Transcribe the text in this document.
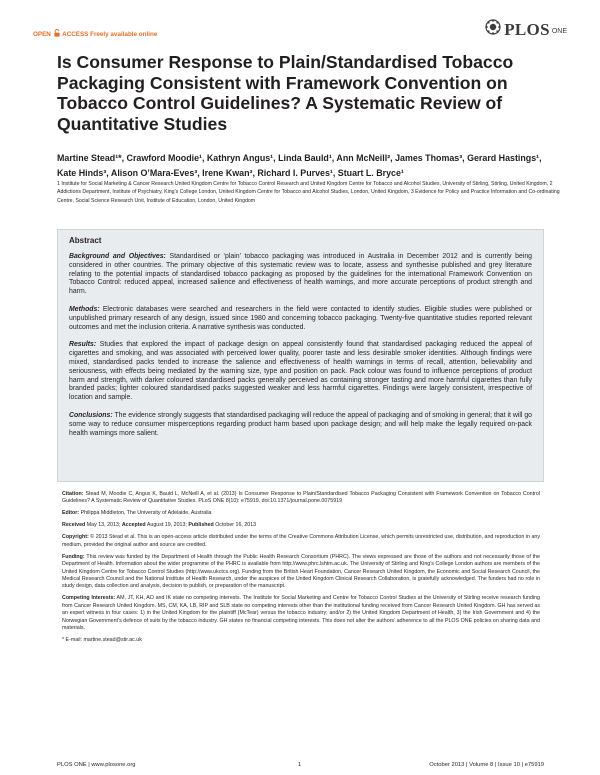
OPEN ACCESS Freely available online	PLOS ONE
Is Consumer Response to Plain/Standardised Tobacco Packaging Consistent with Framework Convention on Tobacco Control Guidelines? A Systematic Review of Quantitative Studies
Martine Stead¹*, Crawford Moodie¹, Kathryn Angus¹, Linda Bauld¹, Ann McNeill², James Thomas³, Gerard Hastings¹, Kate Hinds³, Alison O’Mara-Eves³, Irene Kwan³, Richard I. Purves¹, Stuart L. Bryce¹
1 Institute for Social Marketing & Cancer Research United Kingdom Centre for Tobacco Control Research and United Kingdom Centre for Tobacco and Alcohol Studies, University of Stirling, Stirling, United Kingdom, 2 Addictions Department, Institute of Psychiatry, King’s College London, United Kingdom Centre for Tobacco and Alcohol Studies, London, United Kingdom, 3 Evidence for Policy and Practice Information and Co-ordinating Centre, Social Science Research Unit, Institute of Education, London, United Kingdom
Abstract

Background and Objectives: Standardised or ‘plain’ tobacco packaging was introduced in Australia in December 2012 and is currently being considered in other countries. The primary objective of this systematic review was to locate, assess and synthesise published and grey literature relating to the potential impacts of standardised tobacco packaging as proposed by the guidelines for the international Framework Convention on Tobacco Control: reduced appeal, increased salience and effectiveness of health warnings, and more accurate perceptions of product strength and harm.

Methods: Electronic databases were searched and researchers in the field were contacted to identify studies. Eligible studies were published or unpublished primary research of any design, issued since 1980 and concerning tobacco packaging. Twenty-five quantitative studies reported relevant outcomes and met the inclusion criteria. A narrative synthesis was conducted.

Results: Studies that explored the impact of package design on appeal consistently found that standardised packaging reduced the appeal of cigarettes and smoking, and was associated with perceived lower quality, poorer taste and less desirable smoker identities. Although findings were mixed, standardised packs tended to increase the salience and effectiveness of health warnings in terms of recall, attention, believability and seriousness, with effects being mediated by the warning size, type and position on pack. Pack colour was found to influence perceptions of product harm and strength, with darker coloured standardised packs generally perceived as containing stronger tasting and more harmful cigarettes than fully branded packs; lighter coloured standardised packs suggested weaker and less harmful cigarettes. Findings were largely consistent, irrespective of location and sample.

Conclusions: The evidence strongly suggests that standardised packaging will reduce the appeal of packaging and of smoking in general; that it will go some way to reduce consumer misperceptions regarding product harm based upon package design; and will help make the legally required on-pack health warnings more salient.

Citation: Stead M, Moodie C, Angus K, Bauld L, McNeill A, et al. (2013) Is Consumer Response to Plain/Standardised Tobacco Packaging Consistent with Framework Convention on Tobacco Control Guidelines? A Systematic Review of Quantitative Studies. PLoS ONE 8(10): e75919. doi:10.1371/journal.pone.0075919

Editor: Philippa Middleton, The University of Adelaide, Australia

Received May 13, 2013; Accepted August 19, 2013; Published October 16, 2013

Copyright: © 2013 Stead et al. This is an open-access article distributed under the terms of the Creative Commons Attribution License, which permits unrestricted use, distribution, and reproduction in any medium, provided the original author and source are credited.

Funding: This review was funded by the Department of Health through the Public Health Research Consortium (PHRC). The views expressed are those of the authors and not necessarily those of the Department of Health. Information about the wider programme of the PHRC is available from http://www.phrc.lshtm.ac.uk. The University of Stirling and King’s College London authors are members of the United Kingdom Centre for Tobacco Control Studies (http://www.ukctcs.org). Funding from the British Heart Foundation, Cancer Research United Kingdom, the Economic and Social Research Council, the Medical Research Council and the National Institute of Health Research, under the auspices of the United Kingdom Clinical Research Collaboration, is gratefully acknowledged. The funders had no role in study design, data collection and analysis, decision to publish, or preparation of the manuscript.

Competing Interests: AM, JT, KH, AO and IK state no competing interests. The Institute for Social Marketing and Centre for Tobacco Control Studies at the University of Stirling receive research funding from Cancer Research United Kingdom. MS, CM, KA, LB, RIP and SLB state no competing interests other than the institutional funding received from Cancer Research United Kingdom. GH has served as an expert witness in four cases: 1) in the United Kingdom for the plaintiff (McTear) versus the tobacco industry; and/or 2) the United Kingdom Department of Health, 3) the Irish Government and 4) the Norwegian Government’s defence of suits by the tobacco industry. GH states no financial competing interests. This does not alter the authors’ adherence to all the PLOS ONE policies on sharing data and materials.

* E-mail: martine.stead@stir.ac.uk

PLOS ONE | www.plosone.org	1	October 2013 | Volume 8 | Issue 10 | e75919
